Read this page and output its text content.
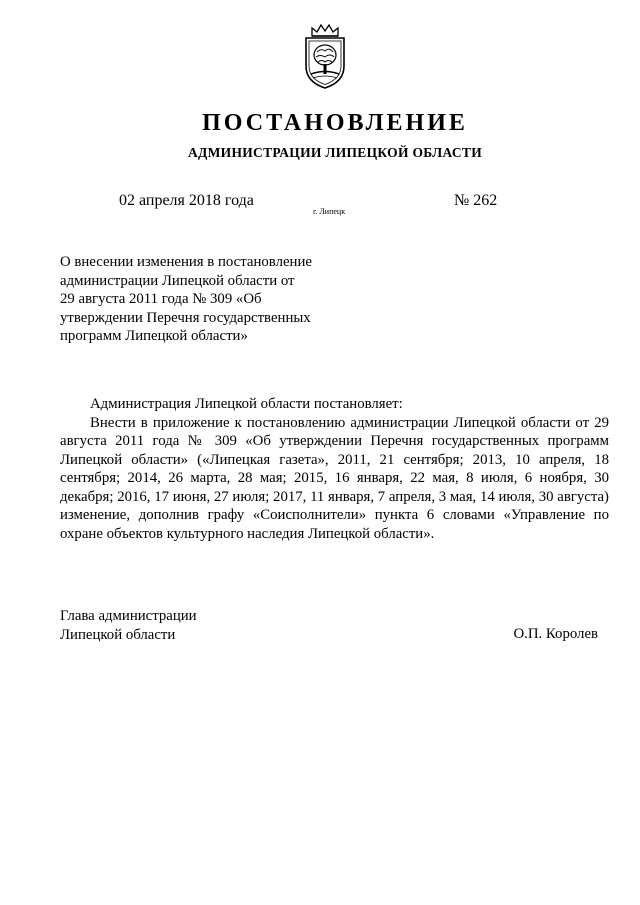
ПОСТАНОВЛЕНИЕ
АДМИНИСТРАЦИИ ЛИПЕЦКОЙ ОБЛАСТИ
02 апреля 2018 года
г. Липецк
№ 262
О внесении изменения в постановление
администрации Липецкой области от
29 августа 2011 года № 309 «Об
утверждении Перечня государственных
программ Липецкой области»
Администрация Липецкой области постановляет:
Внести в приложение к постановлению администрации Липецкой области от 29 августа 2011 года № 309 «Об утверждении Перечня государственных программ Липецкой области» («Липецкая газета», 2011, 21 сентября; 2013, 10 апреля, 18 сентября; 2014, 26 марта, 28 мая; 2015, 16 января, 22 мая, 8 июля, 6 ноября, 30 декабря; 2016, 17 июня, 27 июля; 2017, 11 января, 7 апреля, 3 мая, 14 июля, 30 августа) изменение, дополнив графу «Соисполнители» пункта 6 словами «Управление по охране объектов культурного наследия Липецкой области».
Глава администрации
Липецкой области	О.П. Королев
